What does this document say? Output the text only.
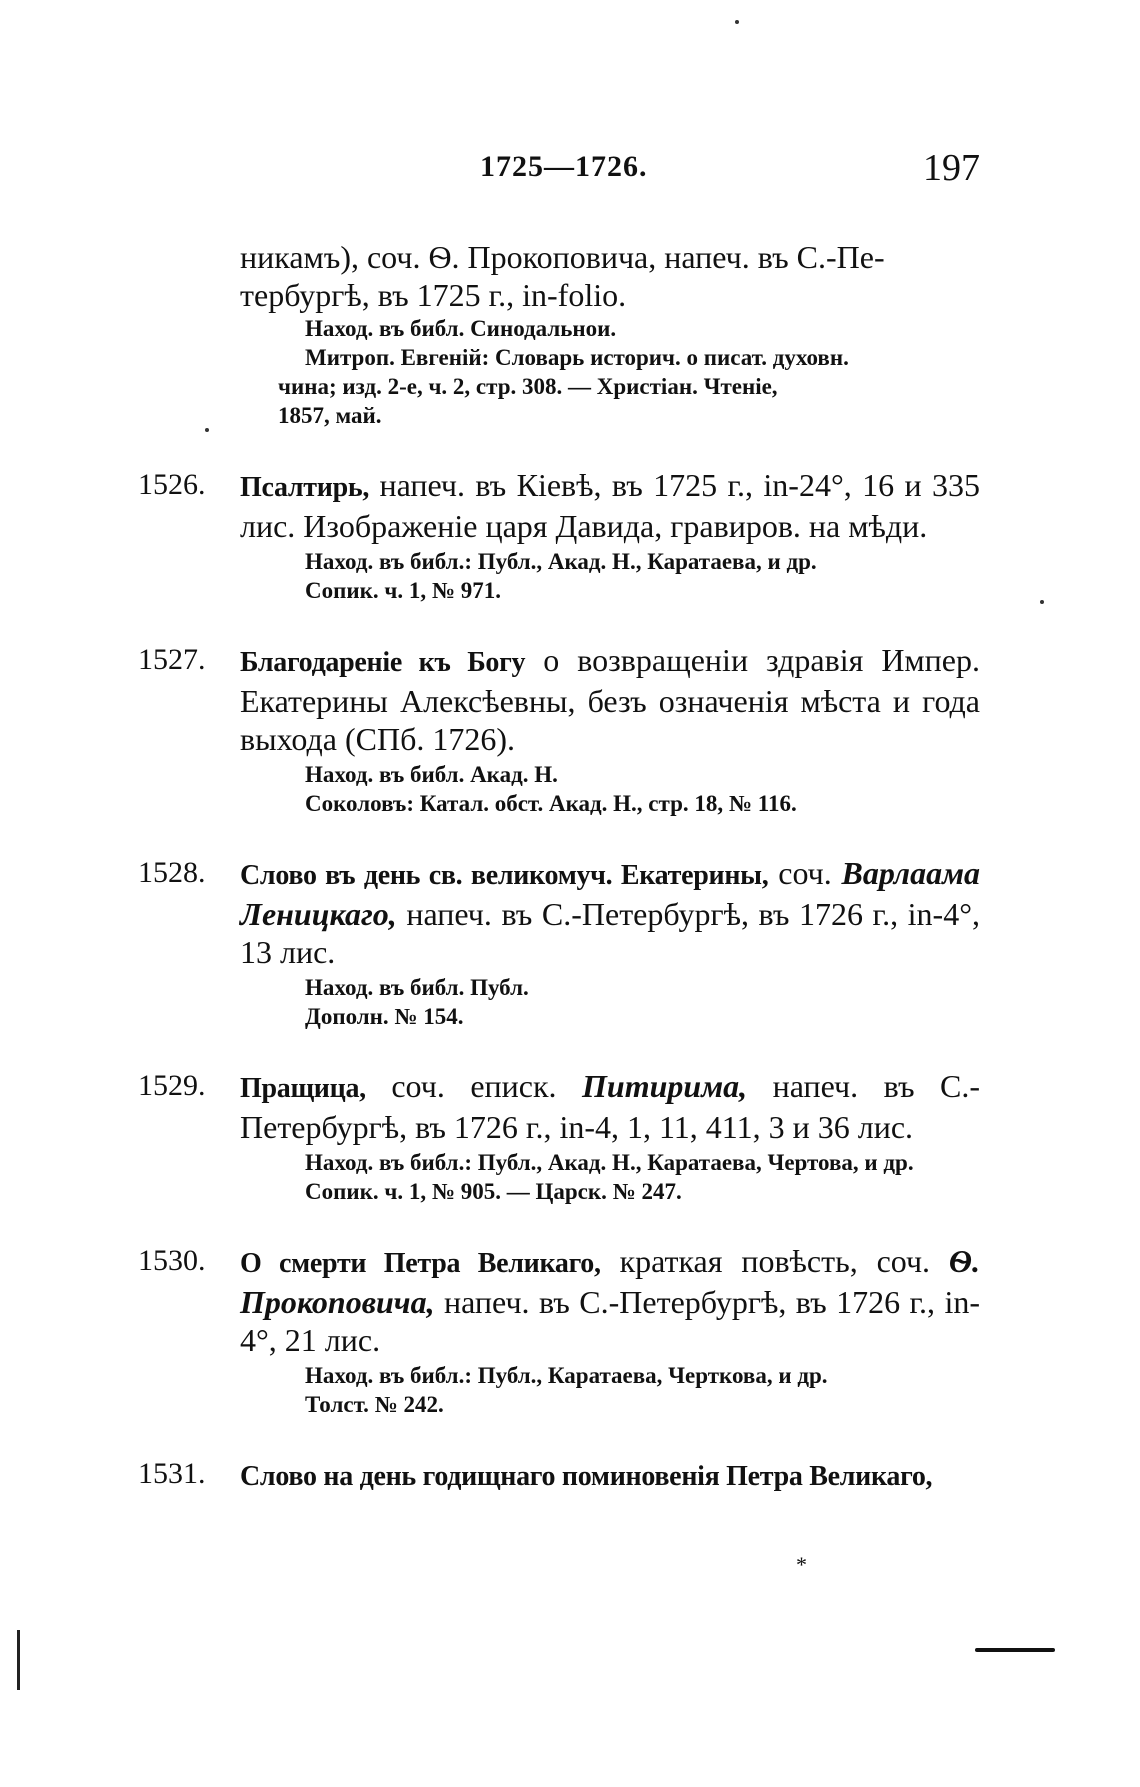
1725—1726.	197
никамъ), соч. Ѳ. Прокоповича, напеч. въ С.-Пе-
тербургѣ, въ 1725 г., in-folio.
Наход. въ библ. Синодальнои.
Митроп. Евгеній: Словарь историч. о писат. духовн.
чина; изд. 2-е, ч. 2, стр. 308. — Христіан. Чтеніе,
1857, май.
1526. Псалтирь, напеч. въ Кіевѣ, въ 1725 г., in-24°, 16 и 335 лис. Изображеніе царя Давида, гравиров. на мѣди.
Наход. въ библ.: Публ., Акад. Н., Каратаева, и др.
Сопик. ч. 1, № 971.
1527. Благодареніе къ Богу о возвращеніи здравія Импер. Екатерины Алексѣевны, безъ означенія мѣста и года выхода (СПб. 1726).
Наход. въ библ. Акад. Н.
Соколовъ: Катал. обст. Акад. Н., стр. 18, № 116.
1528. Слово въ день св. великомуч. Екатерины, соч. Варлаама Леницкаго, напеч. въ С.-Петербургѣ, въ 1726 г., in-4°, 13 лис.
Наход. въ библ. Публ.
Дополн. № 154.
1529. Пращица, соч. еписк. Питирима, напеч. въ С.-Петербургѣ, въ 1726 г., in-4, 1, 11, 411, 3 и 36 лис.
Наход. въ библ.: Публ., Акад. Н., Каратаева, Чертова, и др.
Сопик. ч. 1, № 905. — Царск. № 247.
1530. О смерти Петра Великаго, краткая повѣсть, соч. Ѳ. Прокоповича, напеч. въ С.-Петербургѣ, въ 1726 г., in-4°, 21 лис.
Наход. въ библ.: Публ., Каратаева, Черткова, и др.
Толст. № 242.
1531. Слово на день годищнаго поминовенія Петра Великаго,
*
